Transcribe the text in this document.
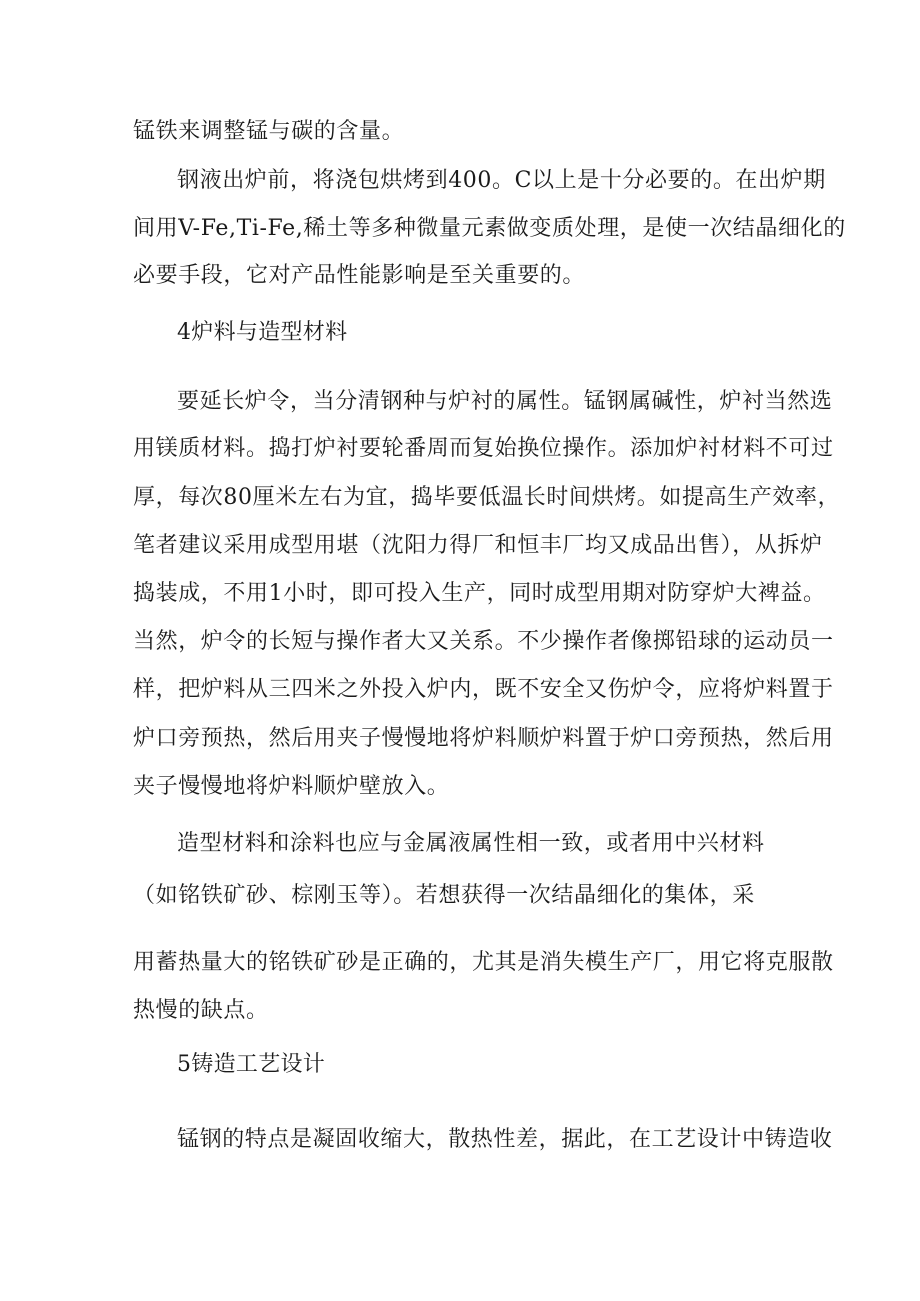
锰铁来调整锰与碳的含量。
钢液出炉前，将浇包烘烤到400。C以上是十分必要的。在出炉期
间用V-Fe,Ti-Fe,稀土等多种微量元素做变质处理，是使一次结晶细化的
必要手段，它对产品性能影响是至关重要的。
4炉料与造型材料
要延长炉令，当分清钢种与炉衬的属性。锰钢属碱性，炉衬当然选
用镁质材料。捣打炉衬要轮番周而复始换位操作。添加炉衬材料不可过
厚，每次80厘米左右为宜，捣毕要低温长时间烘烤。如提高生产效率，
笔者建议采用成型用堪（沈阳力得厂和恒丰厂均又成品出售），从拆炉
捣装成，不用1小时，即可投入生产，同时成型用期对防穿炉大裨益。
当然，炉令的长短与操作者大又关系。不少操作者像掷铅球的运动员一
样，把炉料从三四米之外投入炉内，既不安全又伤炉令，应将炉料置于
炉口旁预热，然后用夹子慢慢地将炉料顺炉料置于炉口旁预热，然后用
夹子慢慢地将炉料顺炉壁放入。
造型材料和涂料也应与金属液属性相一致，或者用中兴材料
（如铭铁矿砂、棕刚玉等）。若想获得一次结晶细化的集体，采
用蓄热量大的铭铁矿砂是正确的，尤其是消失模生产厂，用它将克服散
热慢的缺点。
5铸造工艺设计
锰钢的特点是凝固收缩大，散热性差，据此，在工艺设计中铸造收
